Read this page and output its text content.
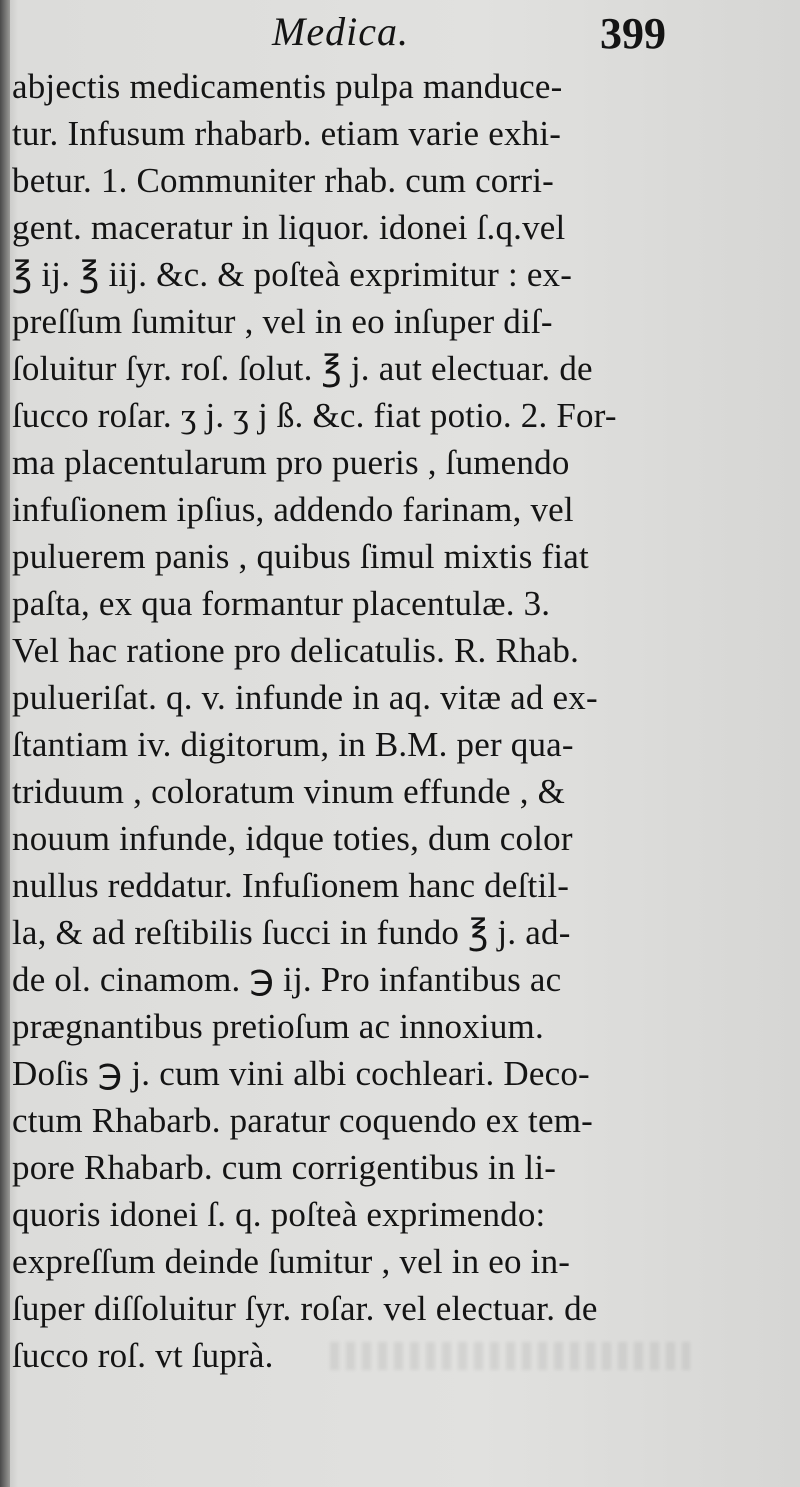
Medica.	399
abjectis medicamentis pulpa manduce-
tur. Infusum rhabarb. etiam varie exhi-
betur. 1. Communiter rhab. cum corri-
gent. maceratur in liquor. idonei ſ.q.vel
℥ ij. ℥ iij. &c. & poſteà exprimitur : ex-
preſſum ſumitur , vel in eo inſuper diſ-
ſoluitur ſyr. roſ. ſolut. ℥ j. aut electuar. de
ſucco roſar. ʒ j. ʒ j ß. &c. fiat potio. 2. For-
ma placentularum pro pueris , ſumendo
infuſionem ipſius, addendo farinam, vel
puluerem panis , quibus ſimul mixtis fiat
paſta, ex qua formantur placentulæ. 3.
Vel hac ratione pro delicatulis. R. Rhab.
pulueriſat. q. v. infunde in aq. vitæ ad ex-
ſtantiam iv. digitorum, in B.M. per qua-
triduum , coloratum vinum effunde , &
nouum infunde, idque toties, dum color
nullus reddatur. Infuſionem hanc deſtil-
la, & ad reſtibilis ſucci in fundo ℥ j. ad-
de ol. cinamom. ℈ ij. Pro infantibus ac
prægnantibus pretioſum ac innoxium.
Doſis ℈ j. cum vini albi cochleari. Deco-
ctum Rhabarb. paratur coquendo ex tem-
pore Rhabarb. cum corrigentibus in li-
quoris idonei ſ. q. poſteà exprimendo:
expreſſum deinde ſumitur , vel in eo in-
ſuper diſſoluitur ſyr. roſar. vel electuar. de
ſucco roſ. vt ſuprà.
